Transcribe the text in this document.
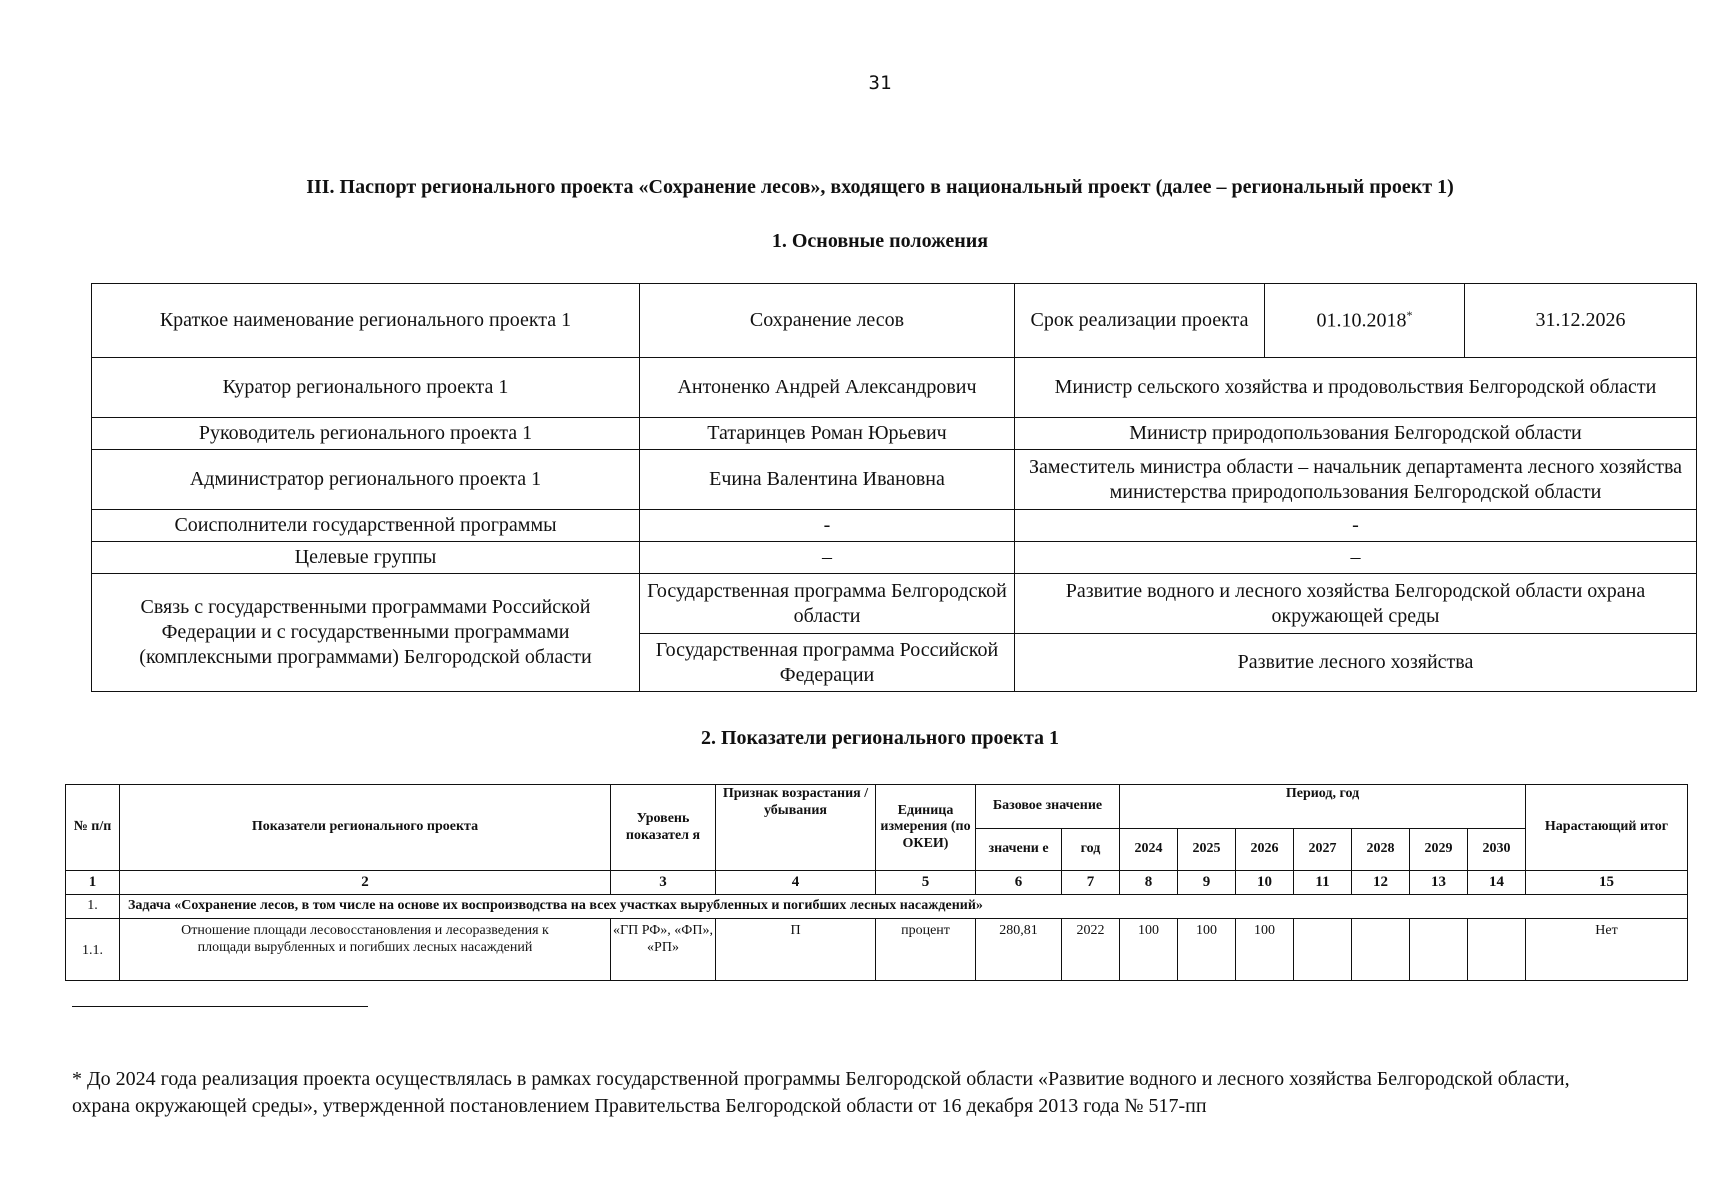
31
III. Паспорт регионального проекта «Сохранение лесов», входящего в национальный проект (далее – региональный проект 1)
1. Основные положения
Краткое наименование регионального проекта 1	Сохранение лесов	Срок реализации проекта	01.10.2018*	31.12.2026
Куратор регионального проекта 1	Антоненко Андрей Александрович	Министр сельского хозяйства и продовольствия Белгородской области		
Руководитель регионального проекта 1	Татаринцев Роман Юрьевич	Министр природопользования Белгородской области		
Администратор регионального проекта 1	Ечина Валентина Ивановна	Заместитель министра области – начальник департамента лесного хозяйства министерства природопользования Белгородской области		
Соисполнители государственной программы	-	-		
Целевые группы	–	–		
Связь с государственными программами Российской Федерации и с государственными программами (комплексными программами) Белгородской области	Государственная программа Белгородской области	Развитие водного и лесного хозяйства Белгородской области охрана окружающей среды		
	Государственная программа Российской Федерации	Развитие лесного хозяйства		
2. Показатели регионального проекта 1
№ п/п	Показатели регионального проекта	Уровень показател я	Признак возрастания / убывания	Единица измерения (по ОКЕИ)	Базовое значение		Период, год							Нарастающий итог
					значени е	год	2024	2025	2026	2027	2028	2029	2030	
1	2	3	4	5	6	7	8	9	10	11	12	13	14	15
1.	Задача «Сохранение лесов, в том числе на основе их воспроизводства на всех участках вырубленных и погибших лесных насаждений»													
1.1.	Отношение площади лесовосстановления и лесоразведения к площади вырубленных и погибших лесных насаждений	«ГП РФ», «ФП», «РП»	П	процент	280,81	2022	100	100	100					Нет
* До 2024 года реализация проекта осуществлялась в рамках государственной программы Белгородской области «Развитие водного и лесного хозяйства Белгородской области, охрана окружающей среды», утвержденной постановлением Правительства Белгородской области от 16 декабря 2013 года № 517-пп
